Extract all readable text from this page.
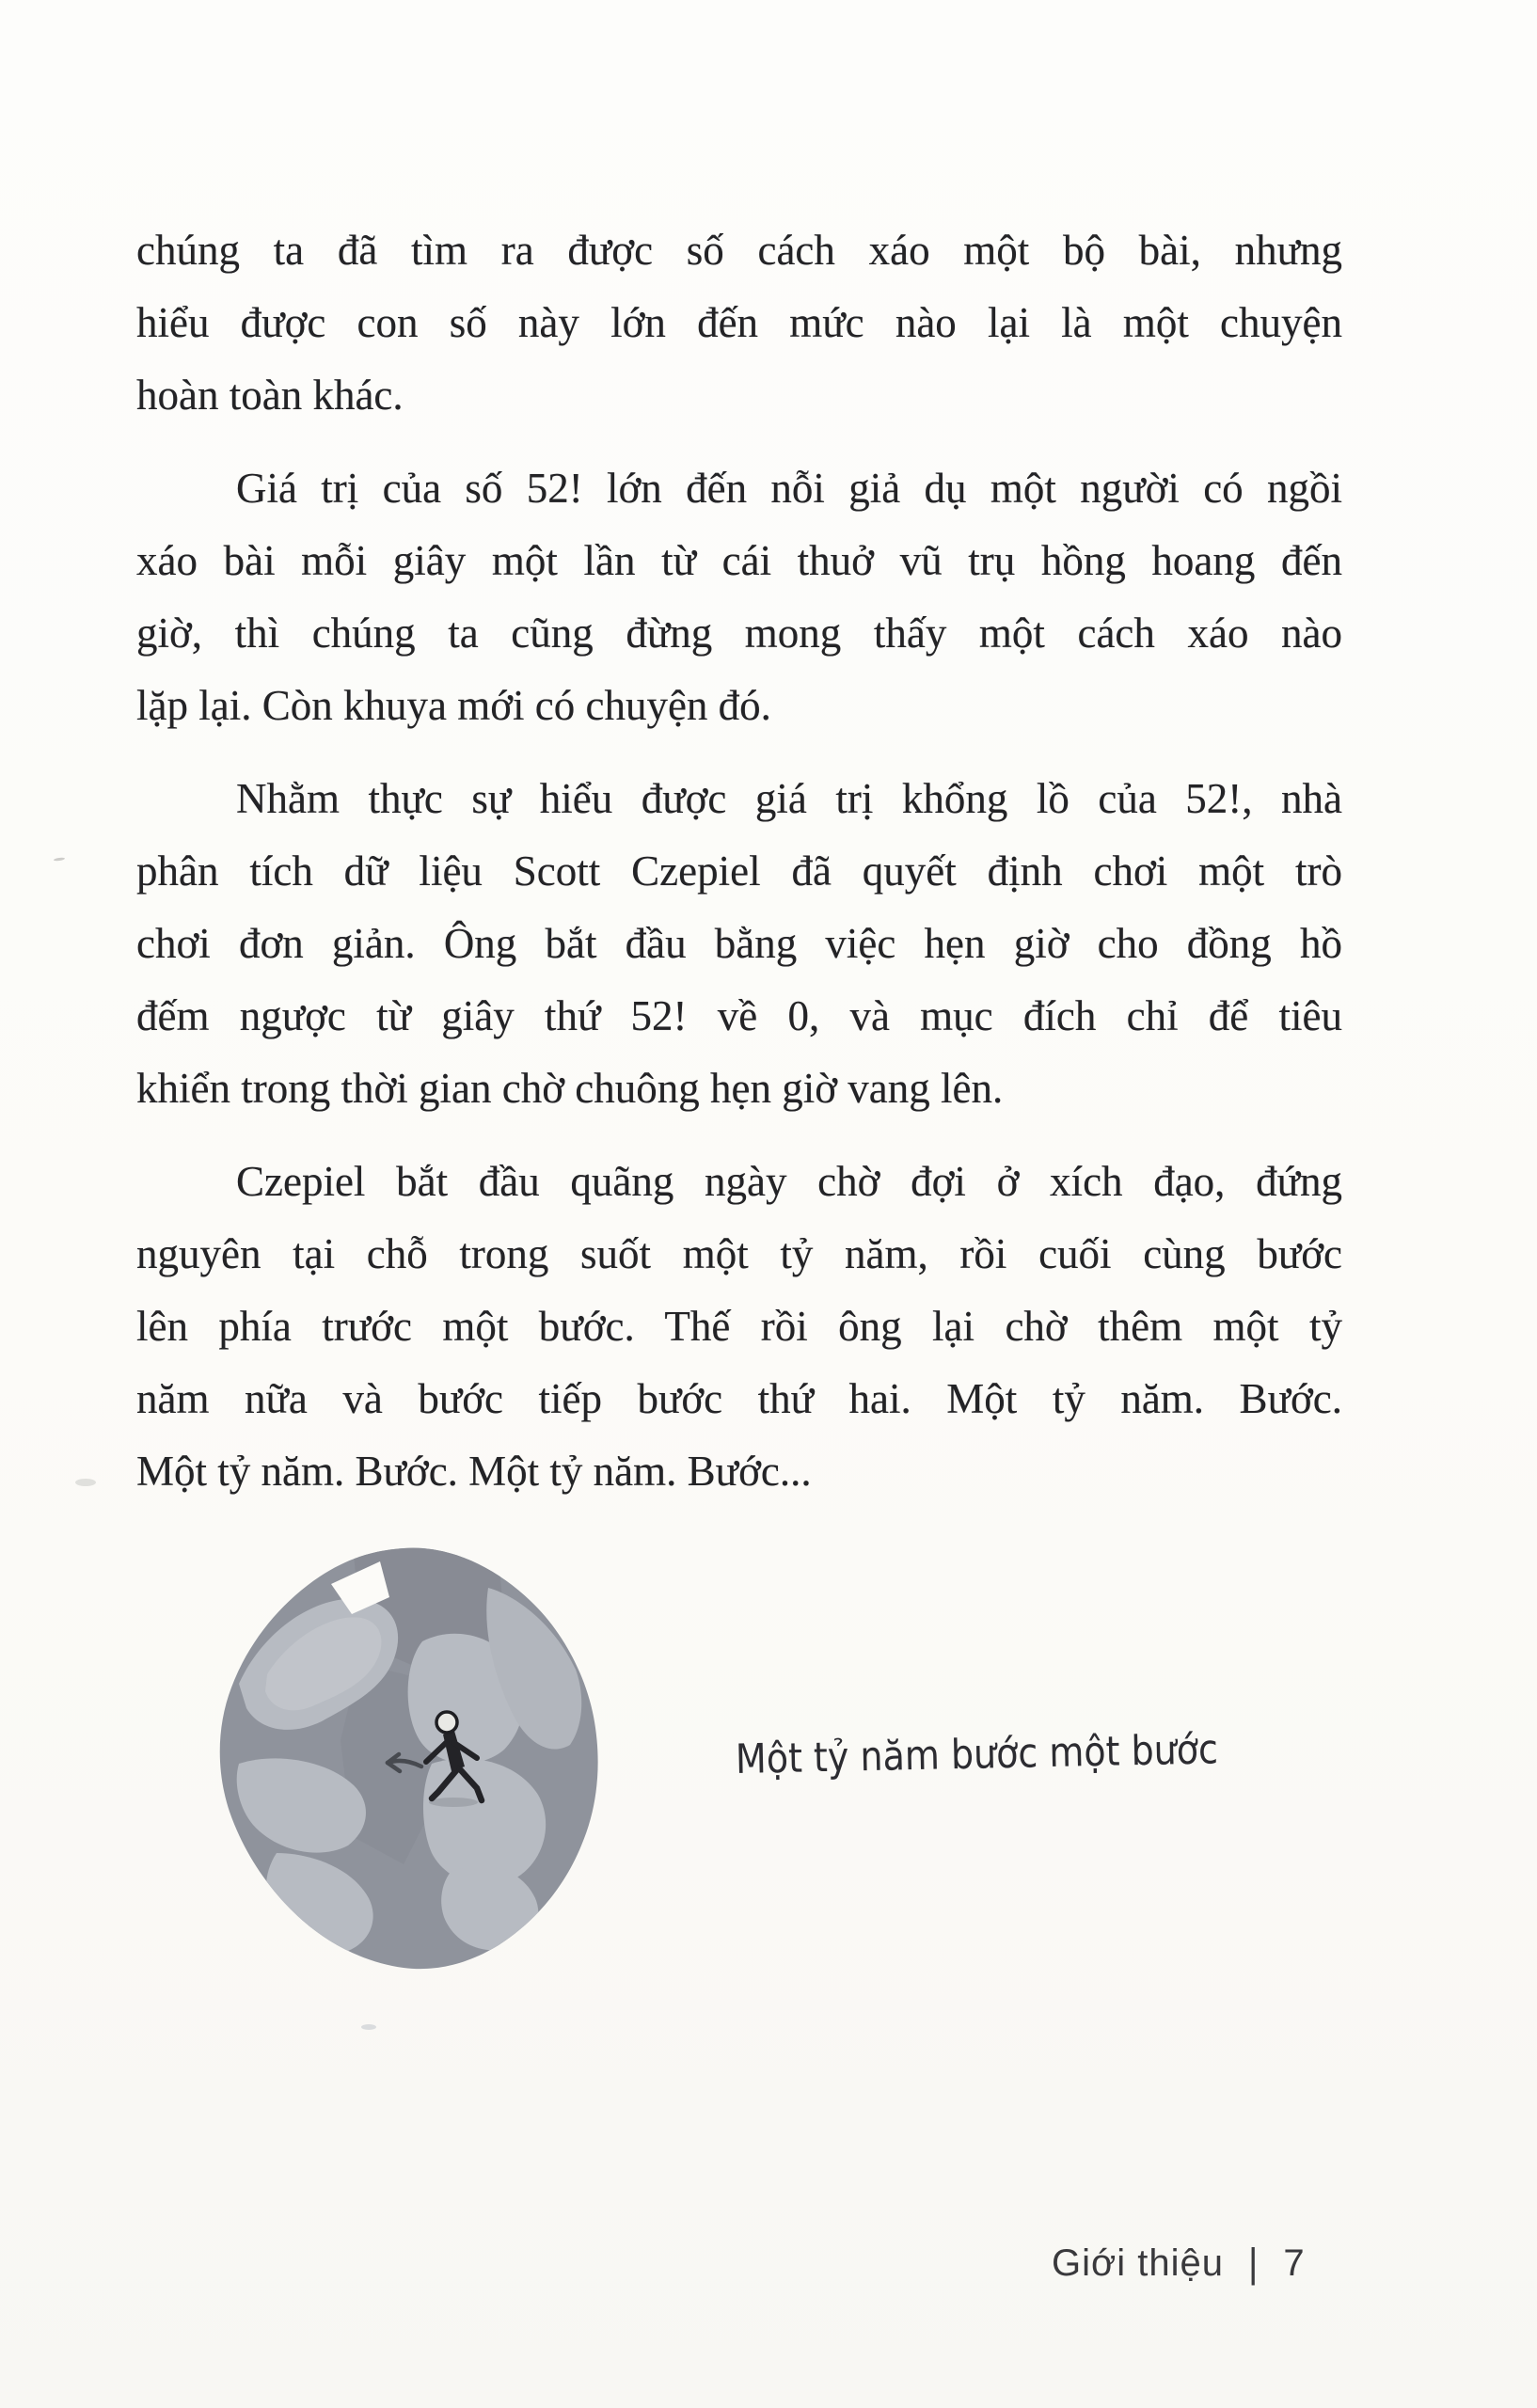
chúng ta đã tìm ra được số cách xáo một bộ bài, nhưng
hiểu được con số này lớn đến mức nào lại là một chuyện
hoàn toàn khác.
Giá trị của số 52! lớn đến nỗi giả dụ một người có ngồi
xáo bài mỗi giây một lần từ cái thuở vũ trụ hồng hoang đến
giờ, thì chúng ta cũng đừng mong thấy một cách xáo nào
lặp lại. Còn khuya mới có chuyện đó.
Nhằm thực sự hiểu được giá trị khổng lồ của 52!, nhà
phân tích dữ liệu Scott Czepiel đã quyết định chơi một trò
chơi đơn giản. Ông bắt đầu bằng việc hẹn giờ cho đồng hồ
đếm ngược từ giây thứ 52! về 0, và mục đích chỉ để tiêu
khiển trong thời gian chờ chuông hẹn giờ vang lên.
Czepiel bắt đầu quãng ngày chờ đợi ở xích đạo, đứng
nguyên tại chỗ trong suốt một tỷ năm, rồi cuối cùng bước
lên phía trước một bước. Thế rồi ông lại chờ thêm một tỷ
năm nữa và bước tiếp bước thứ hai. Một tỷ năm. Bước.
Một tỷ năm. Bước. Một tỷ năm. Bước...
Một tỷ năm bước một bước
Giới thiệu | 7
